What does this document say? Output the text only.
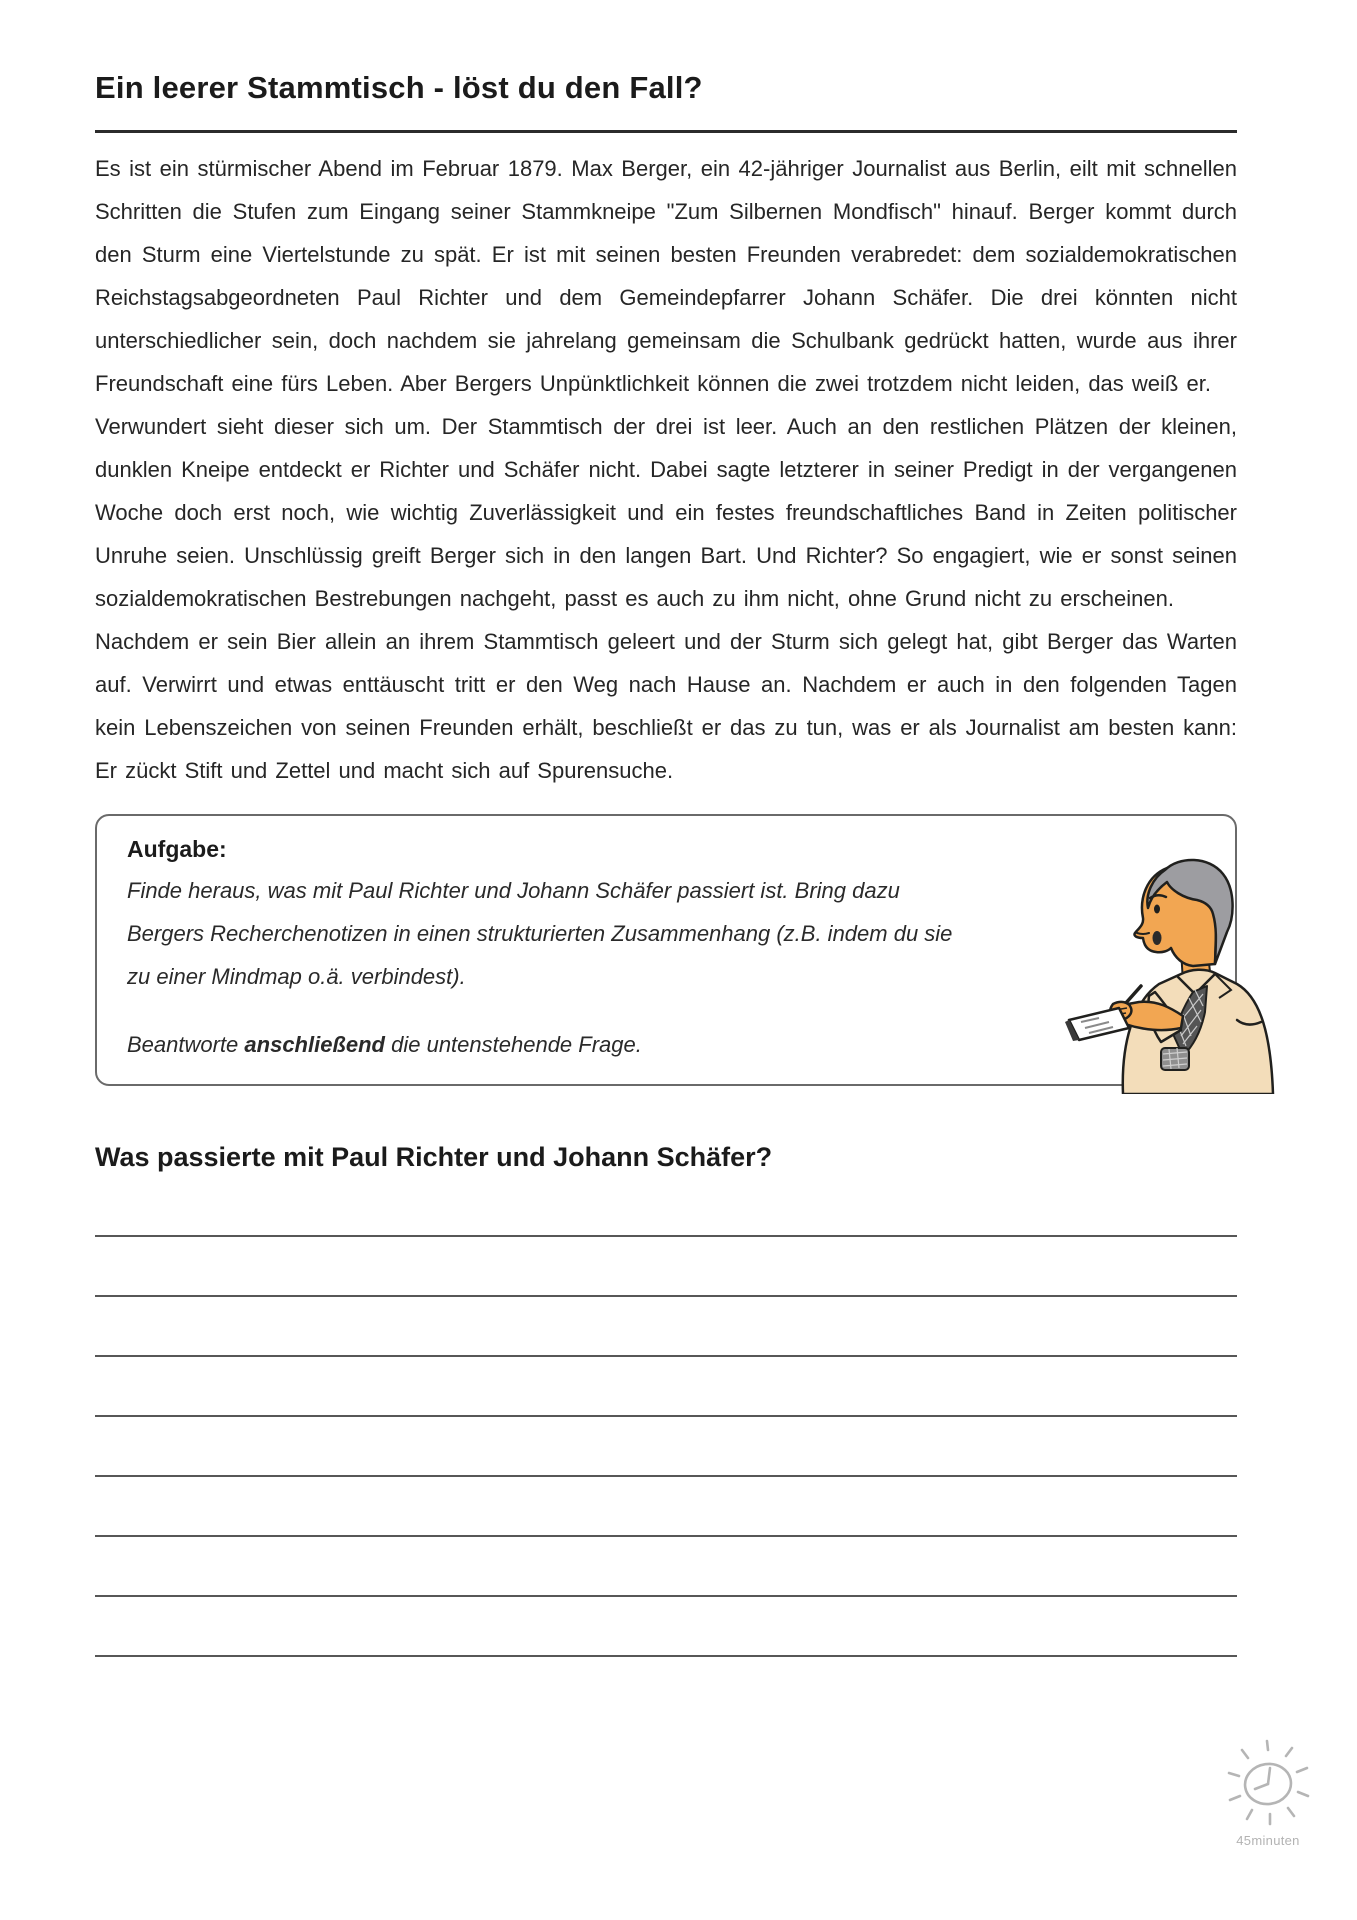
Ein leerer Stammtisch - löst du den Fall?

Es ist ein stürmischer Abend im Februar 1879. Max Berger, ein 42-jähriger Journalist aus Berlin, eilt mit schnellen Schritten die Stufen zum Eingang seiner Stammkneipe "Zum Silbernen Mondfisch" hinauf. Berger kommt durch den Sturm eine Viertelstunde zu spät. Er ist mit seinen besten Freunden verabredet: dem sozialdemokratischen Reichstagsabgeordneten Paul Richter und dem Gemeindepfarrer Johann Schäfer. Die drei könnten nicht unterschiedlicher sein, doch nachdem sie jahrelang gemeinsam die Schulbank gedrückt hatten, wurde aus ihrer Freundschaft eine fürs Leben. Aber Bergers Unpünktlichkeit können die zwei trotzdem nicht leiden, das weiß er.

Verwundert sieht dieser sich um. Der Stammtisch der drei ist leer. Auch an den restlichen Plätzen der kleinen, dunklen Kneipe entdeckt er Richter und Schäfer nicht. Dabei sagte letzterer in seiner Predigt in der vergangenen Woche doch erst noch, wie wichtig Zuverlässigkeit und ein festes freundschaftliches Band in Zeiten politischer Unruhe seien. Unschlüssig greift Berger sich in den langen Bart. Und Richter? So engagiert, wie er sonst seinen sozialdemokratischen Bestrebungen nachgeht, passt es auch zu ihm nicht, ohne Grund nicht zu erscheinen.

Nachdem er sein Bier allein an ihrem Stammtisch geleert und der Sturm sich gelegt hat, gibt Berger das Warten auf. Verwirrt und etwas enttäuscht tritt er den Weg nach Hause an. Nachdem er auch in den folgenden Tagen kein Lebenszeichen von seinen Freunden erhält, beschließt er das zu tun, was er als Journalist am besten kann: Er zückt Stift und Zettel und macht sich auf Spurensuche.

Aufgabe:
Finde heraus, was mit Paul Richter und Johann Schäfer passiert ist. Bring dazu Bergers Recherchenotizen in einen strukturierten Zusammenhang (z.B. indem du sie zu einer Mindmap o.ä. verbindest).
Beantworte anschließend die untenstehende Frage.
Was passierte mit Paul Richter und Johann Schäfer?
45minuten
